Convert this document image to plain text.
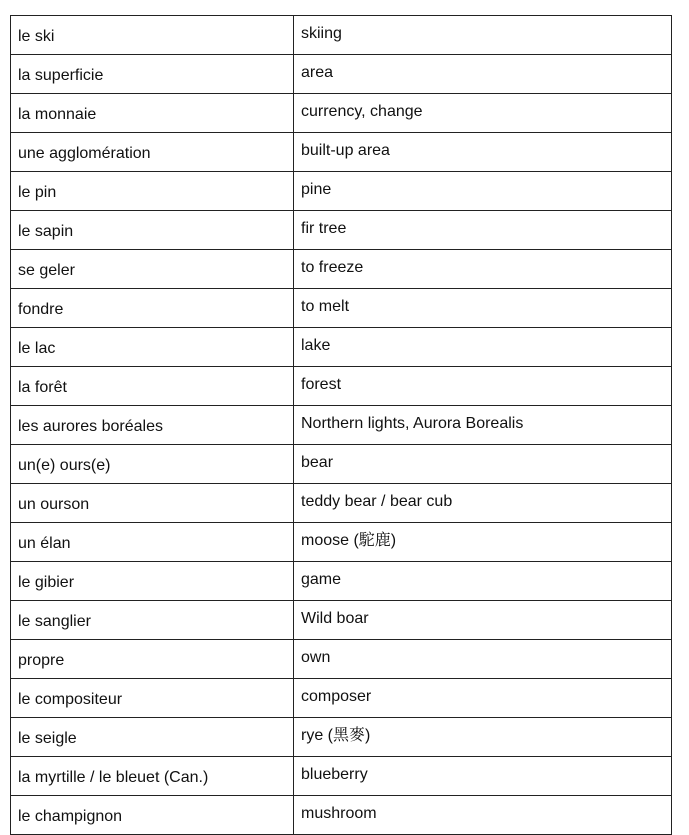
le ski	skiing
la superficie	area
la monnaie	currency, change
une agglomération	built-up area
le pin	pine
le sapin	fir tree
se geler	to freeze
fondre	to melt
le lac	lake
la forêt	forest
les aurores boréales	Northern lights, Aurora Borealis
un(e) ours(e)	bear
un ourson	teddy bear / bear cub
un élan	moose (駝鹿)
le gibier	game
le sanglier	Wild boar
propre	own
le compositeur	composer
le seigle	rye (黑麥)
la myrtille / le bleuet (Can.)	blueberry
le champignon	mushroom
